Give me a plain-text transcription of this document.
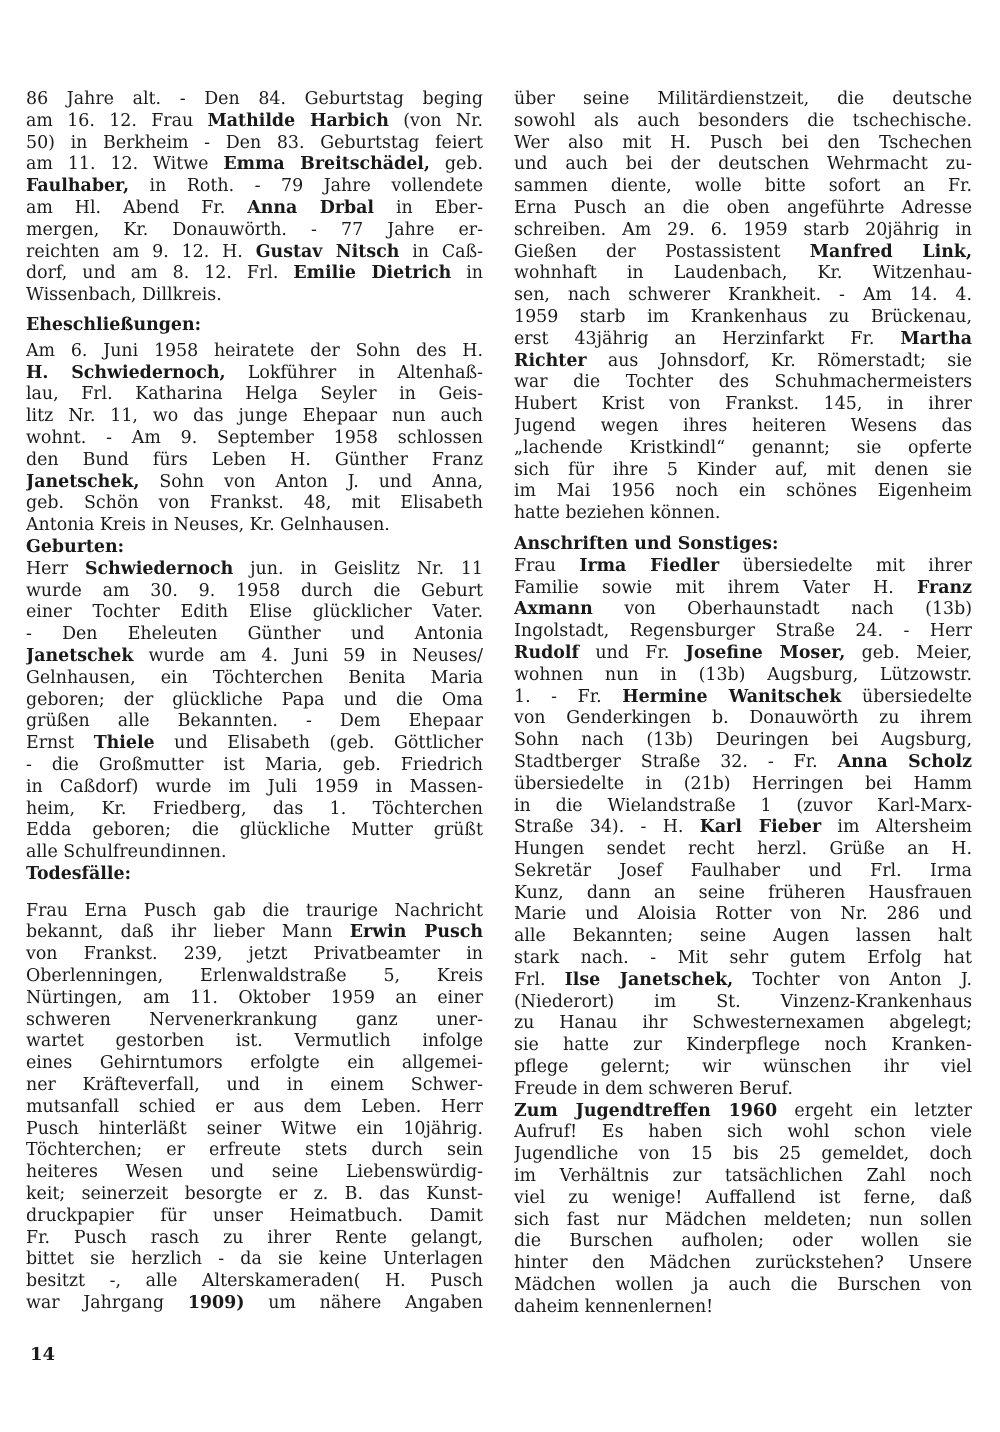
86 Jahre alt. - Den 84. Geburtstag beging
am 16. 12. Frau Mathilde Harbich (von Nr.
50) in Berkheim - Den 83. Geburtstag feiert
am 11. 12. Witwe Emma Breitschädel, geb.
Faulhaber, in Roth. - 79 Jahre vollendete
am Hl. Abend Fr. Anna Drbal in Eber-
mergen, Kr. Donauwörth. - 77 Jahre er-
reichten am 9. 12. H. Gustav Nitsch in Caß-
dorf, und am 8. 12. Frl. Emilie Dietrich in
Wissenbach, Dillkreis.
Eheschließungen:
Am 6. Juni 1958 heiratete der Sohn des H.
H. Schwiedernoch, Lokführer in Altenhaß-
lau, Frl. Katharina Helga Seyler in Geis-
litz Nr. 11, wo das junge Ehepaar nun auch
wohnt. - Am 9. September 1958 schlossen
den Bund fürs Leben H. Günther Franz
Janetschek, Sohn von Anton J. und Anna,
geb. Schön von Frankst. 48, mit Elisabeth
Antonia Kreis in Neuses, Kr. Gelnhausen.
Geburten:
Herr Schwiedernoch jun. in Geislitz Nr. 11
wurde am 30. 9. 1958 durch die Geburt
einer Tochter Edith Elise glücklicher Vater.
- Den Eheleuten Günther und Antonia
Janetschek wurde am 4. Juni 59 in Neuses/
Gelnhausen, ein Töchterchen Benita Maria
geboren; der glückliche Papa und die Oma
grüßen alle Bekannten. - Dem Ehepaar
Ernst Thiele und Elisabeth (geb. Göttlicher
- die Großmutter ist Maria, geb. Friedrich
in Caßdorf) wurde im Juli 1959 in Massen-
heim, Kr. Friedberg, das 1. Töchterchen
Edda geboren; die glückliche Mutter grüßt
alle Schulfreundinnen.
Todesfälle:
Frau Erna Pusch gab die traurige Nachricht
bekannt, daß ihr lieber Mann Erwin Pusch
von Frankst. 239, jetzt Privatbeamter in
Oberlenningen, Erlenwaldstraße 5, Kreis
Nürtingen, am 11. Oktober 1959 an einer
schweren Nervenerkrankung ganz uner-
wartet gestorben ist. Vermutlich infolge
eines Gehirntumors erfolgte ein allgemei-
ner Kräfteverfall, und in einem Schwer-
mutsanfall schied er aus dem Leben. Herr
Pusch hinterläßt seiner Witwe ein 10jährig.
Töchterchen; er erfreute stets durch sein
heiteres Wesen und seine Liebenswürdig-
keit; seinerzeit besorgte er z. B. das Kunst-
druckpapier für unser Heimatbuch. Damit
Fr. Pusch rasch zu ihrer Rente gelangt,
bittet sie herzlich - da sie keine Unterlagen
besitzt -, alle Alterskameraden( H. Pusch
war Jahrgang 1909) um nähere Angaben
über seine Militärdienstzeit, die deutsche
sowohl als auch besonders die tschechische.
Wer also mit H. Pusch bei den Tschechen
und auch bei der deutschen Wehrmacht zu-
sammen diente, wolle bitte sofort an Fr.
Erna Pusch an die oben angeführte Adresse
schreiben. Am 29. 6. 1959 starb 20jährig in
Gießen der Postassistent Manfred Link,
wohnhaft in Laudenbach, Kr. Witzenhau-
sen, nach schwerer Krankheit. - Am 14. 4.
1959 starb im Krankenhaus zu Brückenau,
erst 43jährig an Herzinfarkt Fr. Martha
Richter aus Johnsdorf, Kr. Römerstadt; sie
war die Tochter des Schuhmachermeisters
Hubert Krist von Frankst. 145, in ihrer
Jugend wegen ihres heiteren Wesens das
„lachende Kristkindl“ genannt; sie opferte
sich für ihre 5 Kinder auf, mit denen sie
im Mai 1956 noch ein schönes Eigenheim
hatte beziehen können.
Anschriften und Sonstiges:
Frau Irma Fiedler übersiedelte mit ihrer
Familie sowie mit ihrem Vater H. Franz
Axmann von Oberhaunstadt nach (13b)
Ingolstadt, Regensburger Straße 24. - Herr
Rudolf und Fr. Josefine Moser, geb. Meier,
wohnen nun in (13b) Augsburg, Lützowstr.
1. - Fr. Hermine Wanitschek übersiedelte
von Genderkingen b. Donauwörth zu ihrem
Sohn nach (13b) Deuringen bei Augsburg,
Stadtberger Straße 32. - Fr. Anna Scholz
übersiedelte in (21b) Herringen bei Hamm
in die Wielandstraße 1 (zuvor Karl-Marx-
Straße 34). - H. Karl Fieber im Altersheim
Hungen sendet recht herzl. Grüße an H.
Sekretär Josef Faulhaber und Frl. Irma
Kunz, dann an seine früheren Hausfrauen
Marie und Aloisia Rotter von Nr. 286 und
alle Bekannten; seine Augen lassen halt
stark nach. - Mit sehr gutem Erfolg hat
Frl. Ilse Janetschek, Tochter von Anton J.
(Niederort) im St. Vinzenz-Krankenhaus
zu Hanau ihr Schwesternexamen abgelegt;
sie hatte zur Kinderpflege noch Kranken-
pflege gelernt; wir wünschen ihr viel
Freude in dem schweren Beruf.
Zum Jugendtreffen 1960 ergeht ein letzter
Aufruf! Es haben sich wohl schon viele
Jugendliche von 15 bis 25 gemeldet, doch
im Verhältnis zur tatsächlichen Zahl noch
viel zu wenige! Auffallend ist ferne, daß
sich fast nur Mädchen meldeten; nun sollen
die Burschen aufholen; oder wollen sie
hinter den Mädchen zurückstehen? Unsere
Mädchen wollen ja auch die Burschen von
daheim kennenlernen!
14
